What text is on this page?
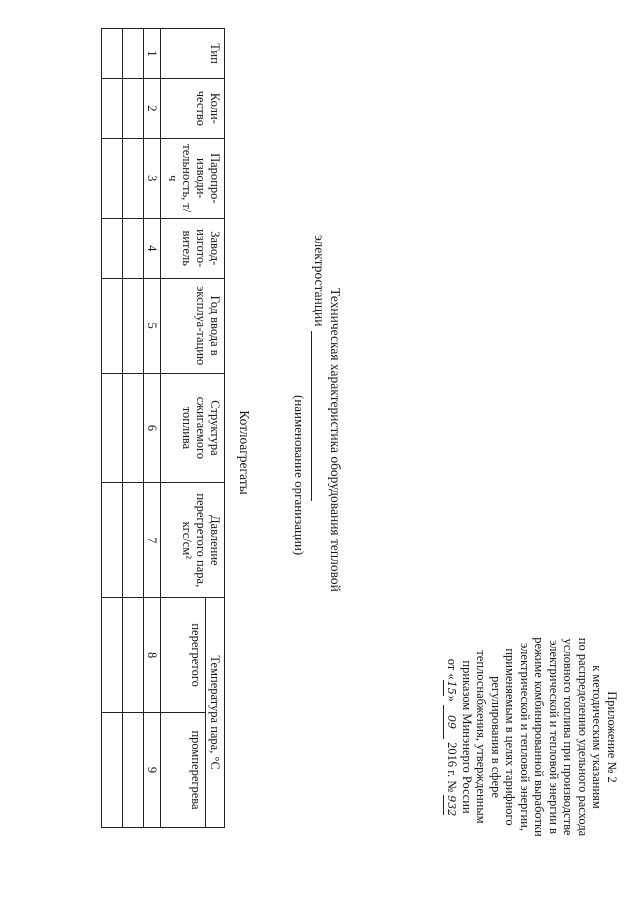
Приложение № 2
к методическим указаниям
по распределению удельного расхода
условного топлива при производстве
электрической и тепловой энергии в
режиме комбинированной выработки
электрической и тепловой энергии,
применяемым в целях тарифного
регулирования в сфере
теплоснабжения, утвержденным
приказом Минэнерго России
от «15» 09 2016 г. № 932
Техническая характеристика оборудования тепловой
электростанции
(наименование организации)
Котлоагрегаты
Тип	Коли-чество	Паропро-изводи-тельность, т/ч	Завод-изгото-витель	Год ввода в эксплуа-тацию	Структура сжигаемого топлива	Давление перегретого пара, кгс/см²	Температура пара, °С	
							перегретого	промперегрева
1	2	3	4	5	6	7	8	9
